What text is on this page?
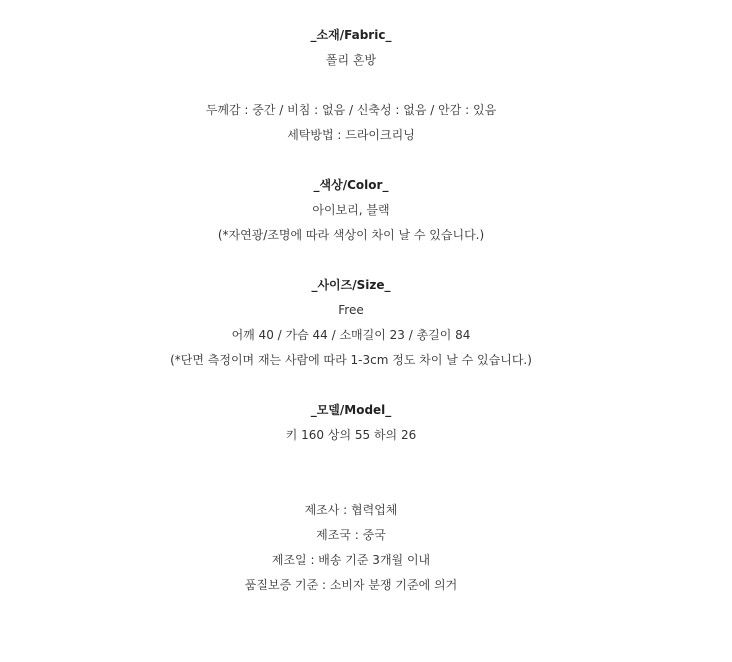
_소재/Fabric_
폴리 혼방
두께감 : 중간 / 비침 : 없음 / 신축성 : 없음 / 안감 : 있음
세탁방법 : 드라이크리닝
_색상/Color_
아이보리, 블랙
(*자연광/조명에 따라 색상이 차이 날 수 있습니다.)
_사이즈/Size_
Free
어깨 40 / 가슴 44 / 소매길이 23 / 총길이 84
(*단면 측정이며 재는 사람에 따라 1-3cm 정도 차이 날 수 있습니다.)
_모델/Model_
키 160 상의 55 하의 26
제조사 : 협력업체
제조국 : 중국
제조일 : 배송 기준 3개월 이내
품질보증 기준 : 소비자 분쟁 기준에 의거
